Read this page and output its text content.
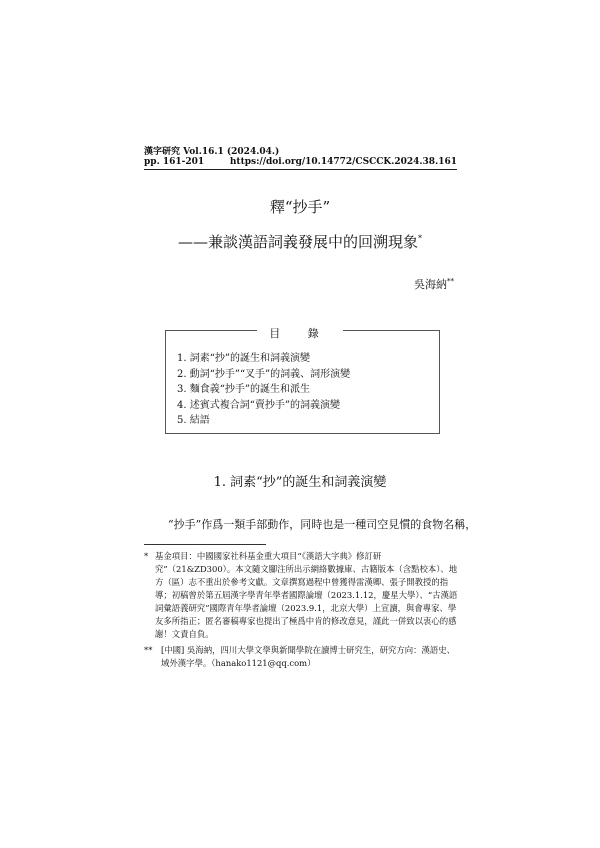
漢字研究 Vol.16.1 (2024.04.)
pp. 161-201	https://doi.org/10.14772/CSCCK.2024.38.161
釋“抄手”
——兼談漢語詞義發展中的回溯現象*
吳海納**
目 錄
1. 詞素“抄”的誕生和詞義演變
2. 動詞“抄手”“叉手”的詞義、詞形演變
3. 麵食義“抄手”的誕生和派生
4. 述賓式複合詞“賣抄手”的詞義演變
5. 結語
1. 詞素“抄”的誕生和詞義演變
“抄手”作爲一類手部動作，同時也是一種司空見慣的食物名稱，
* 基金項目：中國國家社科基金重大項目“《漢語大字典》修訂研究”（21&ZD300）。本文隨文腳注所出示網絡數據庫、古籍版本（含點校本）、地方（區）志不重出於參考文獻。文章撰寫過程中曾獲得雷漢卿、張子開教授的指導；初稿曾於第五屆漢字學青年學者國際論壇（2023.1.12，慶星大學）、“古漢語詞彙語義研究”國際青年學者論壇（2023.9.1，北京大學）上宣讀，與會專家、學友多所指正；匿名審稿專家也提出了極爲中肯的修改意見，謹此一併致以衷心的感謝！文責自負。
** [中國] 吳海納，四川大學文學與新聞學院在讀博士研究生，研究方向：漢語史、域外漢字學。（hanako1121@qq.com）
